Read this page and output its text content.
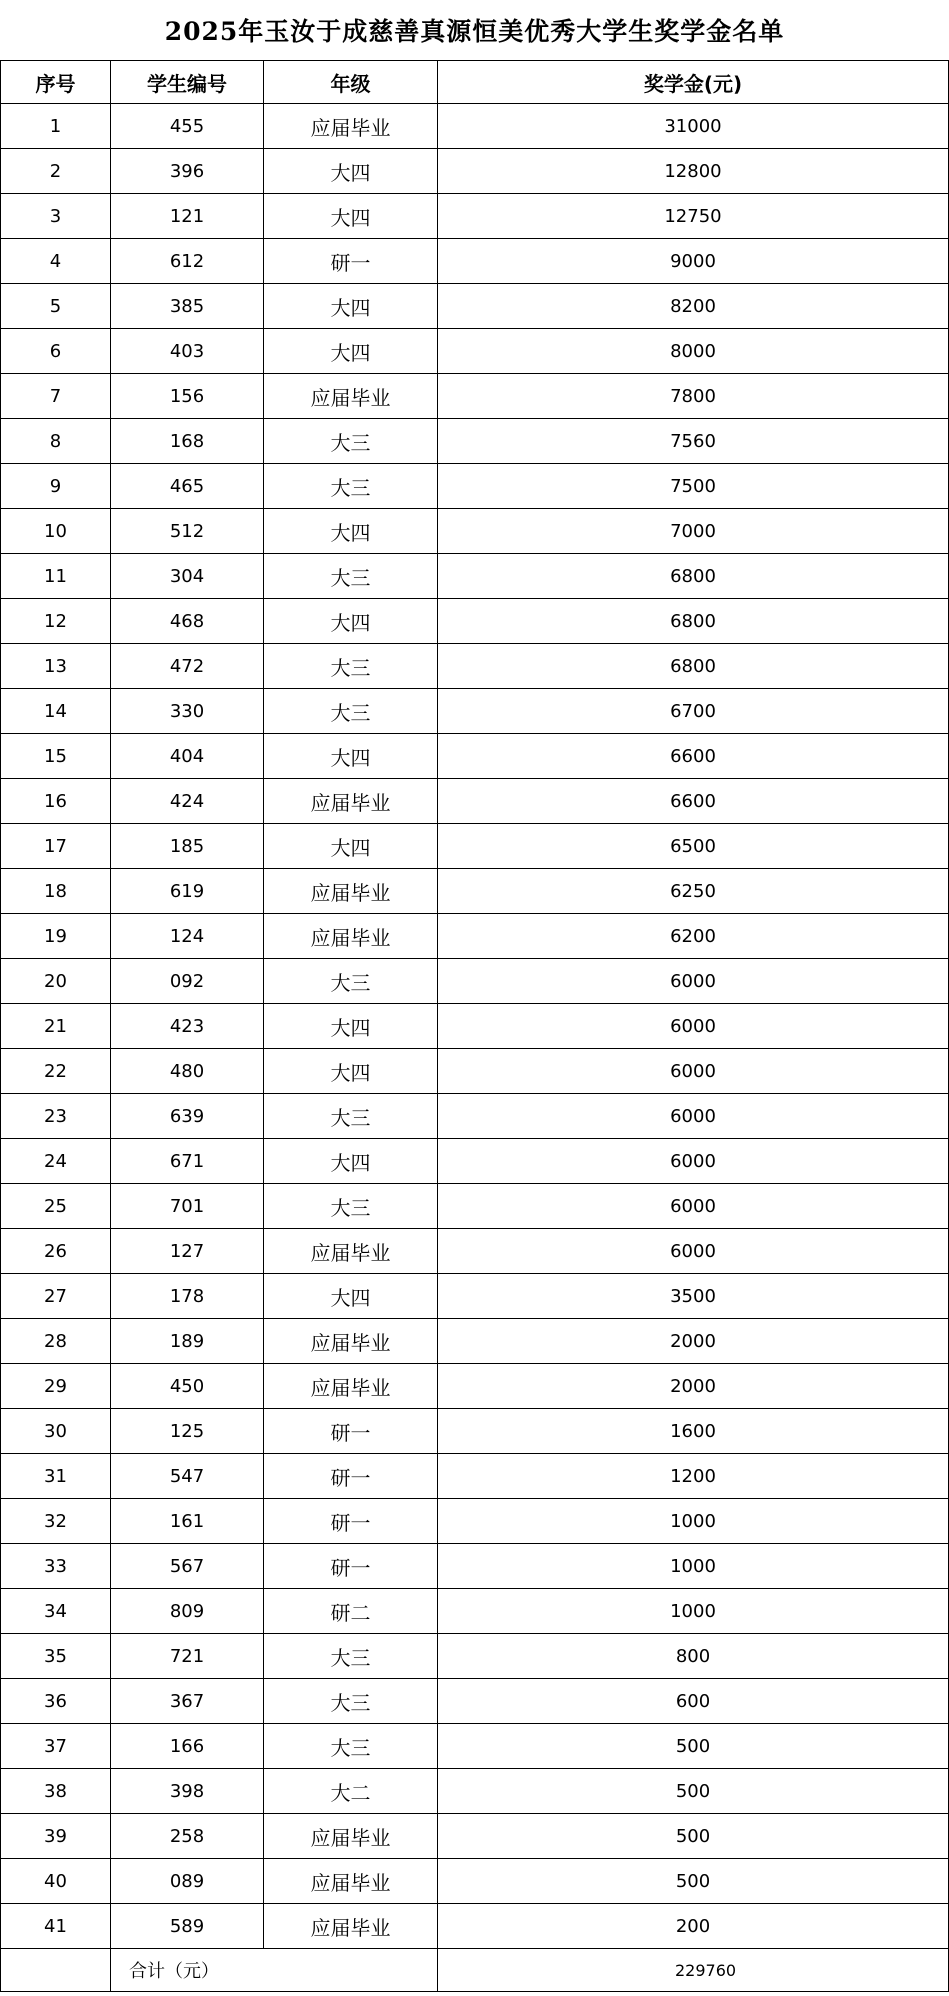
2025年玉汝于成慈善真源恒美优秀大学生奖学金名单
序号	学生编号	年级	奖学金(元)
1	455	应届毕业	31000
2	396	大四	12800
3	121	大四	12750
4	612	研一	9000
5	385	大四	8200
6	403	大四	8000
7	156	应届毕业	7800
8	168	大三	7560
9	465	大三	7500
10	512	大四	7000
11	304	大三	6800
12	468	大四	6800
13	472	大三	6800
14	330	大三	6700
15	404	大四	6600
16	424	应届毕业	6600
17	185	大四	6500
18	619	应届毕业	6250
19	124	应届毕业	6200
20	092	大三	6000
21	423	大四	6000
22	480	大四	6000
23	639	大三	6000
24	671	大四	6000
25	701	大三	6000
26	127	应届毕业	6000
27	178	大四	3500
28	189	应届毕业	2000
29	450	应届毕业	2000
30	125	研一	1600
31	547	研一	1200
32	161	研一	1000
33	567	研一	1000
34	809	研二	1000
35	721	大三	800
36	367	大三	600
37	166	大三	500
38	398	大二	500
39	258	应届毕业	500
40	089	应届毕业	500
41	589	应届毕业	200
	合计（元）		229760
